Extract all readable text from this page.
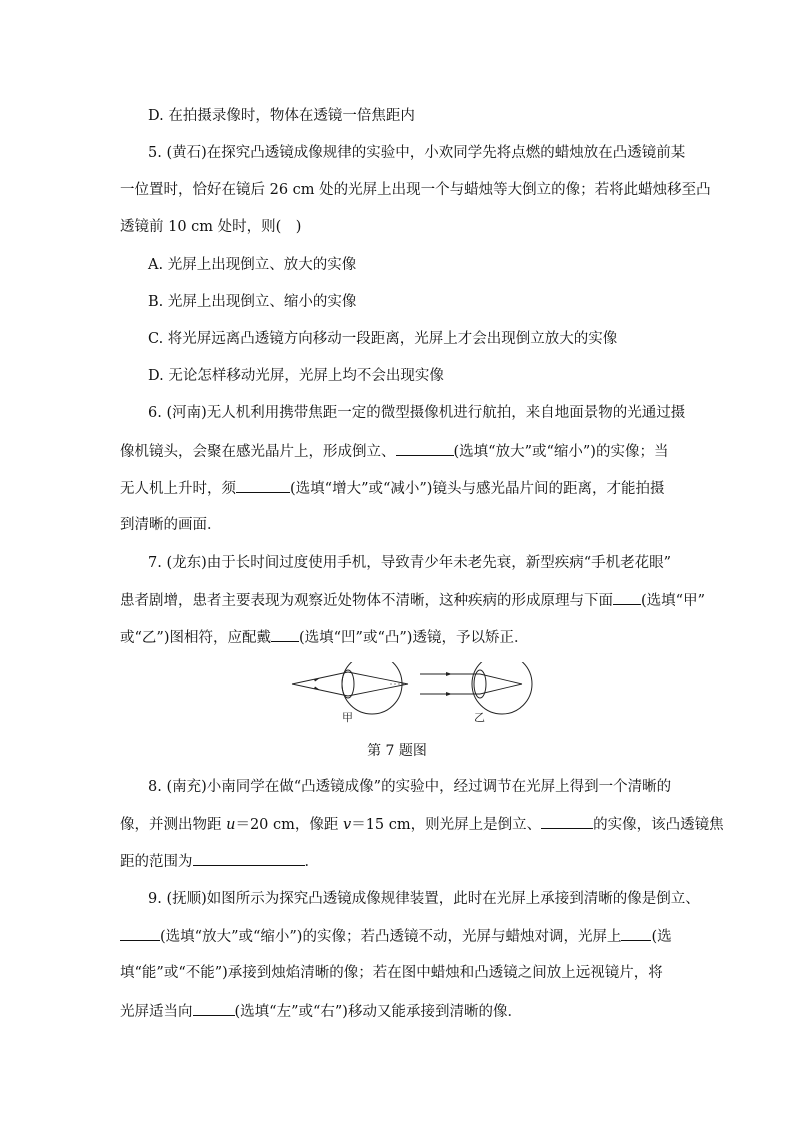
D. 在拍摄录像时，物体在透镜一倍焦距内
5. (黄石)在探究凸透镜成像规律的实验中，小欢同学先将点燃的蜡烛放在凸透镜前某
一位置时，恰好在镜后 26 cm 处的光屏上出现一个与蜡烛等大倒立的像；若将此蜡烛移至凸
透镜前 10 cm 处时，则(　)
A. 光屏上出现倒立、放大的实像
B. 光屏上出现倒立、缩小的实像
C. 将光屏远离凸透镜方向移动一段距离，光屏上才会出现倒立放大的实像
D. 无论怎样移动光屏，光屏上均不会出现实像
6. (河南)无人机利用携带焦距一定的微型摄像机进行航拍，来自地面景物的光通过摄
像机镜头，会聚在感光晶片上，形成倒立、	(选填“放大”或“缩小”)的实像；当
无人机上升时，须	(选填“增大”或“减小”)镜头与感光晶片间的距离，才能拍摄
到清晰的画面．
7. (龙东)由于长时间过度使用手机，导致青少年未老先衰，新型疾病“手机老花眼”
患者剧增，患者主要表现为观察近处物体不清晰，这种疾病的形成原理与下面 (选填“甲”
或“乙”)图相符，应配戴 (选填“凹”或“凸”)透镜，予以矫正．
甲	乙
第 7 题图
8. (南充)小南同学在做“凸透镜成像”的实验中，经过调节在光屏上得到一个清晰的
像，并测出物距 u＝20 cm，像距 v＝15 cm，则光屏上是倒立、	的实像，该凸透镜焦
距的范围为	．
9. (抚顺)如图所示为探究凸透镜成像规律装置，此时在光屏上承接到清晰的像是倒立、
(选填“放大”或“缩小”)的实像；若凸透镜不动，光屏与蜡烛对调，光屏上 (选
填“能”或“不能”)承接到烛焰清晰的像；若在图中蜡烛和凸透镜之间放上远视镜片，将
光屏适当向	(选填“左”或“右”)移动又能承接到清晰的像．
